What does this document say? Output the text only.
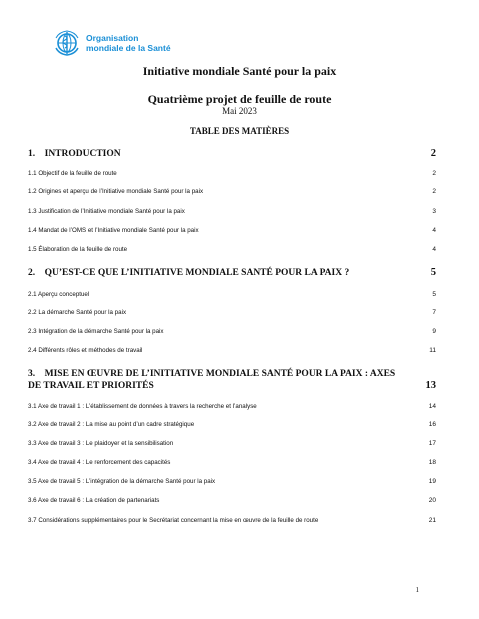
Organisation
mondiale de la Santé
Initiative mondiale Santé pour la paix
Quatrième projet de feuille de route
Mai 2023
TABLE DES MATIÈRES
1.    INTRODUCTION	2
1.1 Objectif de la feuille de route	2
1.2 Origines et aperçu de l’Initiative mondiale Santé pour la paix	2
1.3 Justification de l’Initiative mondiale Santé pour la paix	3
1.4 Mandat de l’OMS et l’Initiative mondiale Santé pour la paix	4
1.5 Élaboration de la feuille de route	4
2.    QU’EST-CE QUE L’INITIATIVE MONDIALE SANTÉ POUR LA PAIX ?	5
2.1 Aperçu conceptuel	5
2.2 La démarche Santé pour la paix	7
2.3 Intégration de la démarche Santé pour la paix	9
2.4 Différents rôles et méthodes de travail	11
3.    MISE EN ŒUVRE DE L’INITIATIVE MONDIALE SANTÉ POUR LA PAIX : AXES DE TRAVAIL ET PRIORITÉS	13
3.1 Axe de travail 1 : L’établissement de données à travers la recherche et l’analyse	14
3.2 Axe de travail 2 : La mise au point d’un cadre stratégique	16
3.3 Axe de travail 3 : Le plaidoyer et la sensibilisation	17
3.4 Axe de travail 4 : Le renforcement des capacités	18
3.5 Axe de travail 5 : L’intégration de la démarche Santé pour la paix	19
3.6 Axe de travail 6 : La création de partenariats	20
3.7 Considérations supplémentaires pour le Secrétariat concernant la mise en œuvre de la feuille de route	21
1
